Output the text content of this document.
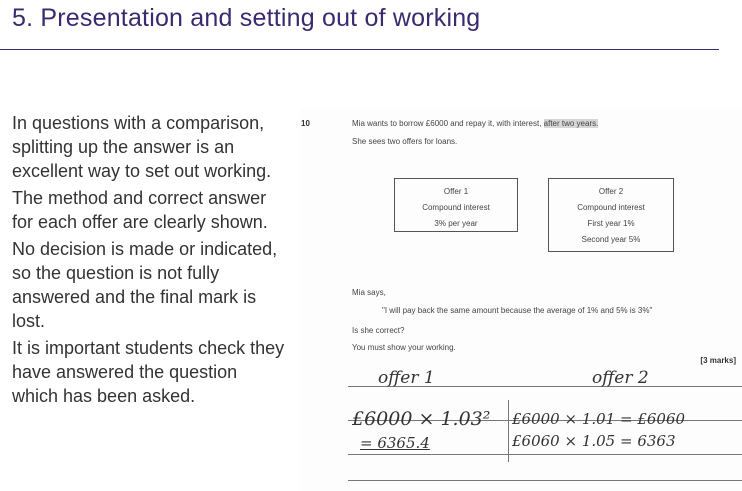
5. Presentation and setting out of working

In questions with a comparison, splitting up the answer is an excellent way to set out working.

The method and correct answer for each offer are clearly shown.

No decision is made or indicated, so the question is not fully answered and the final mark is lost.

It is important students check they have answered the question which has been asked.

10	Mia wants to borrow £6000 and repay it, with interest, after two years.
She sees two offers for loans.
Offer 1
Compound interest
3% per year
Offer 2
Compound interest
First year 1%
Second year 5%
Mia says,
"I will pay back the same amount because the average of 1% and 5% is 3%"
Is she correct?
You must show your working.
[3 marks]
offer 1	offer 2
£6000 × 1.03²
= 6365.4
£6000 × 1.01 = £6060
£6060 × 1.05 = 6363
